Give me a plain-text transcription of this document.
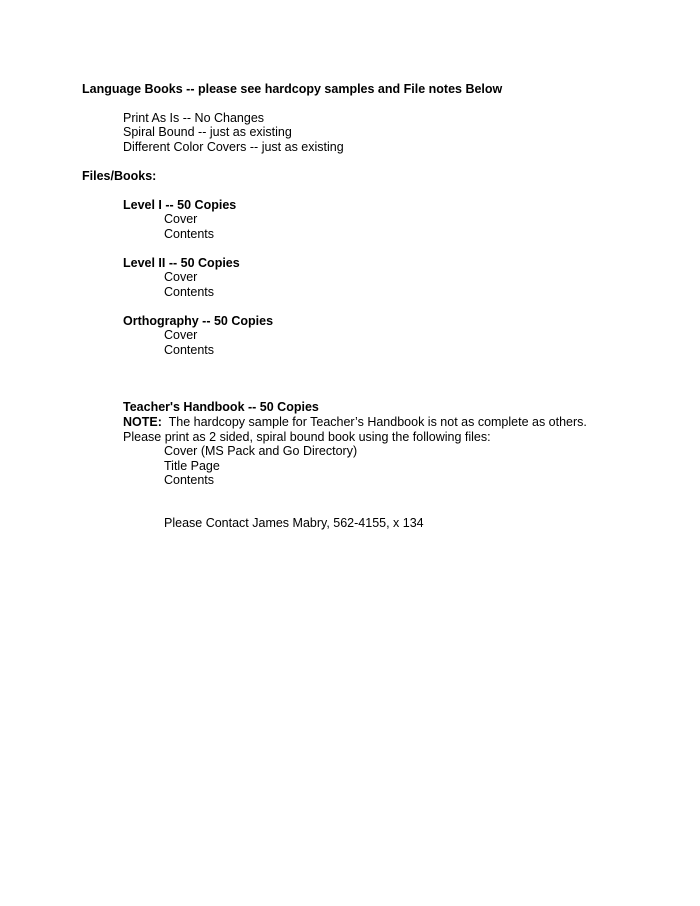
Language Books -- please see hardcopy samples and File notes Below
Print As Is -- No Changes
Spiral Bound -- just as existing
Different Color Covers -- just as existing
Files/Books:
Level I -- 50 Copies
Cover
Contents
Level II -- 50 Copies
Cover
Contents
Orthography -- 50 Copies
Cover
Contents
Teacher's Handbook -- 50 Copies
NOTE:  The hardcopy sample for Teacher’s Handbook is not as complete as others.
Please print as 2 sided, spiral bound book using the following files:
Cover (MS Pack and Go Directory)
Title Page
Contents
Please Contact James Mabry, 562-4155, x 134
